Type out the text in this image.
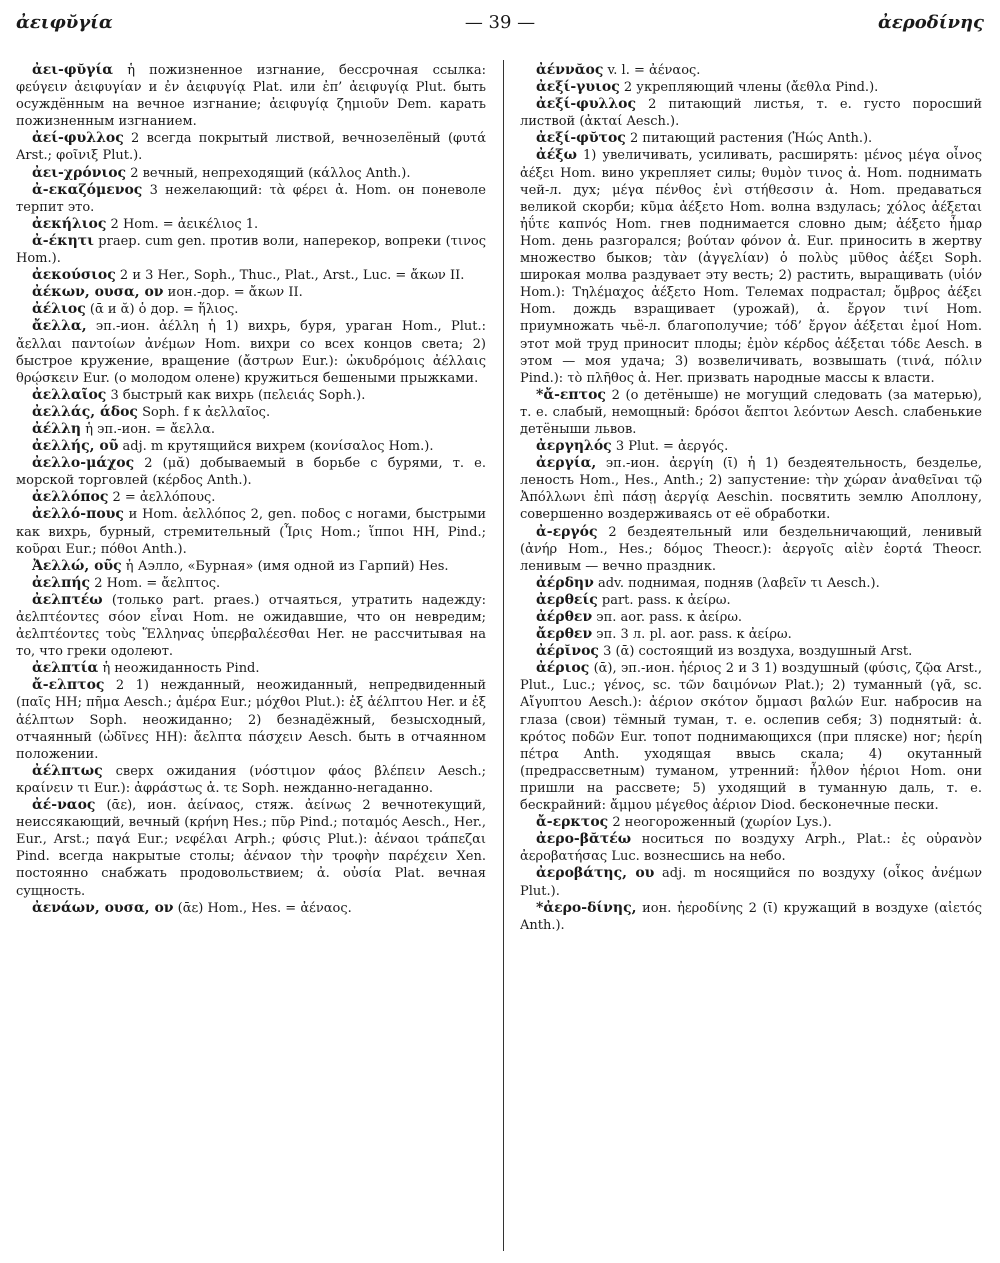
ἀειφῠγία	— 39 —	ἀεροδίνης

ἀει-φῠγία ἡ пожизненное изгнание, бессрочная ссылка: φεύγειν ἀειφυγίαν и ἐν ἀειφυγίᾳ Plat. или ἐπ’ ἀειφυγίᾳ Plut. быть осуждённым на вечное изгнание; ἀειφυγίᾳ ζημιοῦν Dem. карать пожизненным изгнанием.

ἀεί-φυλλος 2 всегда покрытый листвой, вечнозелёный (φυτά Arst.; φοῖνιξ Plut.).

ἀει-χρόνιος 2 вечный, непреходящий (κάλλος Anth.).

ἀ-εκαζόμενος 3 нежелающий: τὰ φέρει ἀ. Hom. он поневоле терпит это.

ἀεκήλιος 2 Hom. = ἀεικέλιος 1.

ἀ-έκητι praep. cum gen. против воли, наперекор, вопреки (τινος Hom.).

ἀεκούσιος 2 и 3 Her., Soph., Thuc., Plat., Arst., Luc. = ἄκων II.

ἀέκων, ουσα, ον ион.-дор. = ἄκων II.

ἀέλιος (ᾱ и ᾰ) ὁ дор. = ἥλιος.

ἄελλα, эп.-ион. ἀέλλη ἡ 1) вихрь, буря, ураган Hom., Plut.: ἄελλαι παντοίων ἀνέμων Hom. вихри со всех концов света; 2) быстрое кружение, вращение (ἄστρων Eur.): ὠκυδρόμοις ἀέλλαις θρῴσκειν Eur. (о молодом олене) кружиться бешеными прыжками.

ἀελλαῖος 3 быстрый как вихрь (πελειάς Soph.).

ἀελλάς, άδος Soph. f к ἀελλαῖος.

ἀέλλη ἡ эп.-ион. = ἄελλα.

ἀελλής, οῦ adj. m крутящийся вихрем (κονίσαλος Hom.).

ἀελλο-μάχος 2 (μᾰ) добываемый в борьбе с бурями, т. е. морской торговлей (κέρδος Anth.).

ἀελλόπος 2 = ἀελλόπους.

ἀελλό-πους и Hom. ἀελλόπος 2, gen. ποδος с ногами, быстрыми как вихрь, бурный, стремительный (Ἶρις Hom.; ἵπποι HH, Pind.; κοῦραι Eur.; πόθοι Anth.).

Ἀελλώ, οῦς ἡ Аэлло, «Бурная» (имя одной из Гарпий) Hes.

ἀελπής 2 Hom. = ἄελπτος.

ἀελπτέω (только part. praes.) отчаяться, утратить надежду: ἀελπτέοντες σόον εἶναι Hom. не ожидавшие, что он невредим; ἀελπτέοντες τοὺς Ἕλληνας ὑπερβαλέεσθαι Her. не рассчитывая на то, что греки одолеют.

ἀελπτία ἡ неожиданность Pind.

ἄ-ελπτος 2 1) нежданный, неожиданный, непредвиденный (παῖς HH; πῆμα Aesch.; ἁμέρα Eur.; μόχθοι Plut.): ἐξ ἀέλπτου Her. и ἐξ ἀέλπτων Soph. неожиданно; 2) безнадёжный, безысходный, отчаянный (ὠδῖνες HH): ἄελπτα πάσχειν Aesch. быть в отчаянном положении.

ἀέλπτως сверх ожидания (νόστιμον φάος βλέπειν Aesch.; κραίνειν τι Eur.): ἀφράστως ἀ. τε Soph. нежданно-негаданно.

ἀέ-ναος (ᾱε), ион. ἀείναος, стяж. ἀείνως 2 вечнотекущий, неиссякающий, вечный (κρήνη Hes.; πῦρ Pind.; ποταμός Aesch., Her., Eur., Arst.; παγά Eur.; νεφέλαι Arph.; φύσις Plut.): ἀέναοι τράπεζαι Pind. всегда накрытые столы; ἀέναον τὴν τροφὴν παρέχειν Xen. постоянно снабжать продовольствием; ἀ. οὐσία Plat. вечная сущность.

ἀενάων, ουσα, ον (ᾱε) Hom., Hes. = ἀέναος.

ἀέννᾰος v. l. = ἀέναος.

ἀεξί-γυιος 2 укрепляющий члены (ἄεθλα Pind.).

ἀεξί-φυλλος 2 питающий листья, т. е. густо поросший листвой (ἀκταί Aesch.).

ἀεξί-φῠτος 2 питающий растения (Ἠώς Anth.).

ἀέξω 1) увеличивать, усиливать, расширять: μένος μέγα οἶνος ἀέξει Hom. вино укрепляет силы; θυμὸν τινος ἀ. Hom. поднимать чей-л. дух; μέγα πένθος ἐνὶ στήθεσσιν ἀ. Hom. предаваться великой скорби; κῦμα ἀέξετο Hom. волна вздулась; χόλος ἀέξεται ἠΰτε καπνός Hom. гнев поднимается словно дым; ἀέξετο ἦμαρ Hom. день разгорался; βούταν φόνον ἀ. Eur. приносить в жертву множество быков; τὰν (ἀγγελίαν) ὁ πολὺς μῦθος ἀέξει Soph. широкая молва раздувает эту весть; 2) растить, выращивать (υἱόν Hom.): Τηλέμαχος ἀέξετο Hom. Телемах подрастал; ὄμβρος ἀέξει Hom. дождь взращивает (урожай), ἀ. ἔργον τινί Hom. приумножать чьё-л. благополучие; τόδ’ ἔργον ἀέξεται ἐμοί Hom. этот мой труд приносит плоды; ἐμὸν κέρδος ἀέξεται τόδε Aesch. в этом — моя удача; 3) возвеличивать, возвышать (τινά, πόλιν Pind.): τὸ πλῆθος ἀ. Her. призвать народные массы к власти.

*ἄ-επτος 2 (о детёныше) не могущий следовать (за матерью), т. е. слабый, немощный: δρόσοι ἄεπτοι λεόντων Aesch. слабенькие детёныши львов.

ἀεργηλός 3 Plut. = ἀεργός.

ἀεργία, эп.-ион. ἀεργίη (ῑ) ἡ 1) бездеятельность, безделье, леность Hom., Hes., Anth.; 2) запустение: τὴν χώραν ἀναθεῖναι τῷ Ἀπόλλωνι ἐπὶ πάσῃ ἀεργίᾳ Aeschin. посвятить землю Аполлону, совершенно воздерживаясь от её обработки.

ἀ-εργός 2 бездеятельный или бездельничающий, ленивый (ἀνήρ Hom., Hes.; δόμος Theocr.): ἀεργοῖς αἰὲν ἑορτά Theocr. ленивым — вечно праздник.

ἀέρδην adv. поднимая, подняв (λαβεῖν τι Aesch.).

ἀερθείς part. pass. к ἀείρω.

ἀέρθεν эп. aor. pass. к ἀείρω.

ἄερθεν эп. 3 л. pl. aor. pass. к ἀείρω.

ἀέρῐνος 3 (ᾱ) состоящий из воздуха, воздушный Arst.

ἀέριος (ᾱ), эп.-ион. ἠέριος 2 и 3 1) воздушный (φύσις, ζῷα Arst., Plut., Luc.; γένος, sc. τῶν δαιμόνων Plat.); 2) туманный (γᾶ, sc. Αἴγυπτου Aesch.): ἀέριον σκότον ὄμμασι βαλών Eur. набросив на глаза (свои) тёмный туман, т. е. ослепив себя; 3) поднятый: ἀ. κρότος ποδῶν Eur. топот поднимающихся (при пляске) ног; ἠερίη πέτρα Anth. уходящая ввысь скала; 4) окутанный (предрассветным) туманом, утренний: ἦλθον ἠέριοι Hom. они пришли на рассвете; 5) уходящий в туманную даль, т. е. бескрайний: ἄμμου μέγεθος ἀέριον Diod. бесконечные пески.

ἄ-ερκτος 2 неогороженный (χωρίον Lys.).

ἀερο-βᾰτέω носиться по воздуху Arph., Plat.: ἐς οὐρανὸν ἀεροβατήσας Luc. вознесшись на небо.

ἀεροβάτης, ου adj. m носящийся по воздуху (οἶκος ἀνέμων Plut.).

*ἀερο-δίνης, ион. ἠεροδίνης 2 (ῑ) кружащий в воздухе (αἰετός Anth.).
